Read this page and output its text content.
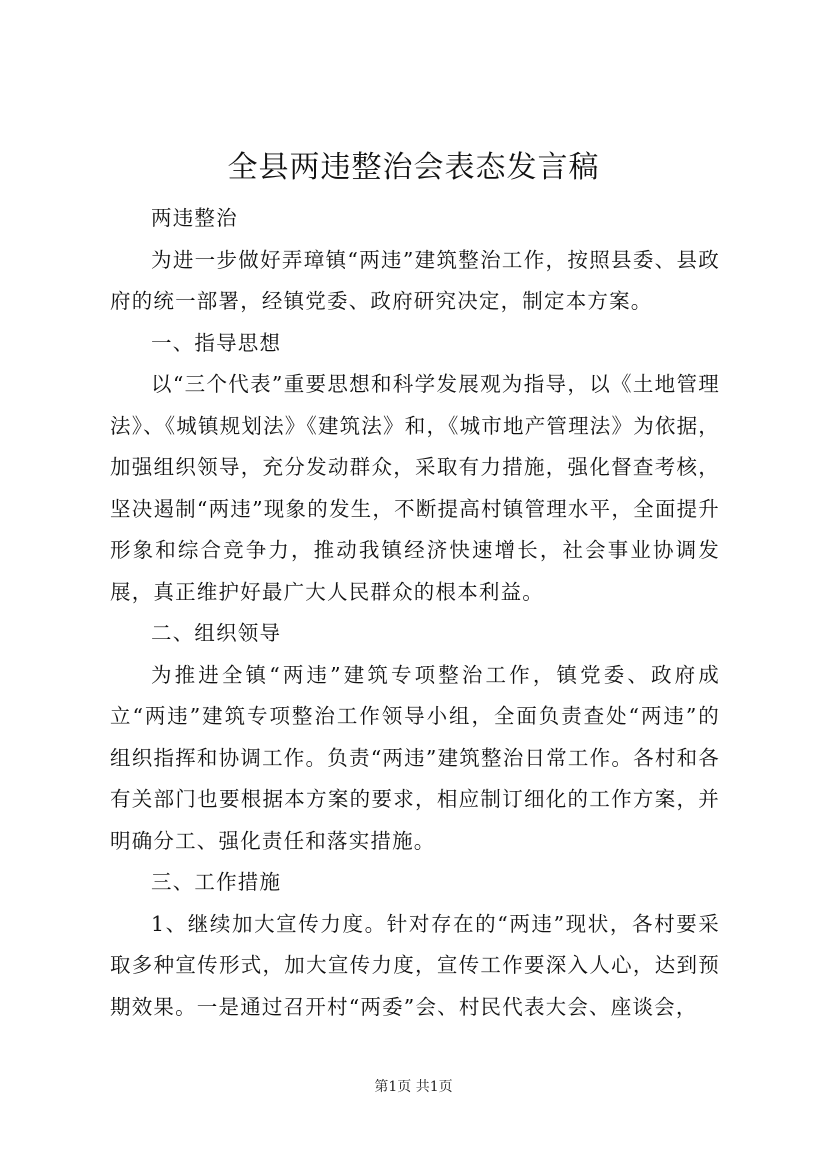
全县两违整治会表态发言稿

两违整治

为进一步做好弄璋镇“两违”建筑整治工作，按照县委、县政府的统一部署，经镇党委、政府研究决定，制定本方案。

一、指导思想

以“三个代表”重要思想和科学发展观为指导，以《土地管理法》、《城镇规划法》《建筑法》和，《城市地产管理法》为依据，加强组织领导，充分发动群众，采取有力措施，强化督查考核，坚决遏制“两违”现象的发生，不断提高村镇管理水平，全面提升形象和综合竞争力，推动我镇经济快速增长，社会事业协调发展，真正维护好最广大人民群众的根本利益。

二、组织领导

为推进全镇“两违”建筑专项整治工作，镇党委、政府成立“两违”建筑专项整治工作领导小组，全面负责查处“两违”的组织指挥和协调工作。负责“两违”建筑整治日常工作。各村和各有关部门也要根据本方案的要求，相应制订细化的工作方案，并明确分工、强化责任和落实措施。

三、工作措施

1、继续加大宣传力度。针对存在的“两违”现状，各村要采取多种宣传形式，加大宣传力度，宣传工作要深入人心，达到预期效果。一是通过召开村“两委”会、村民代表大会、座谈会，

第1页 共1页
